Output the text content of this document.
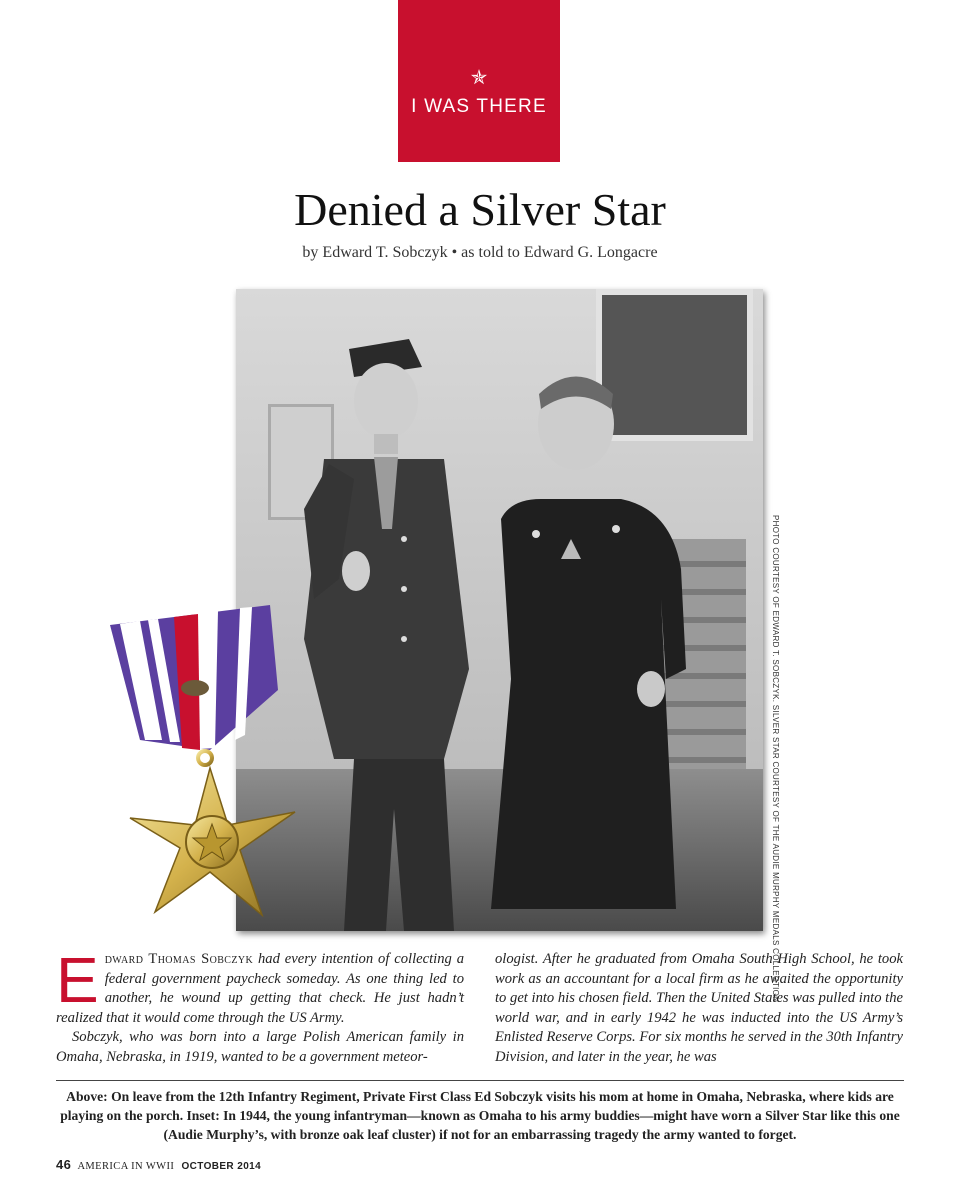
✯
I WAS THERE
Denied a Silver Star
by Edward T. Sobczyk • as told to Edward G. Longacre
PHOTO COURTESY OF EDWARD T. SOBCZYK. SILVER STAR COURTESY OF THE AUDIE MURPHY MEDALS COLLECTION

Edward Thomas Sobczyk had every intention of collecting a federal government paycheck someday. As one thing led to another, he wound up getting that check. He just hadn’t realized that it would come through the US Army.

Sobczyk, who was born into a large Polish American family in Omaha, Nebraska, in 1919, wanted to be a government meteor-

ologist. After he graduated from Omaha South High School, he took work as an accountant for a local firm as he awaited the opportunity to get into his chosen field. Then the United States was pulled into the world war, and in early 1942 he was inducted into the US Army’s Enlisted Reserve Corps. For six months he served in the 30th Infantry Division, and later in the year, he was

Above: On leave from the 12th Infantry Regiment, Private First Class Ed Sobczyk visits his mom at home in Omaha, Nebraska, where kids are playing on the porch. Inset: In 1944, the young infantryman—known as Omaha to his army buddies—might have worn a Silver Star like this one (Audie Murphy’s, with bronze oak leaf cluster) if not for an embarrassing tragedy the army wanted to forget.
46 AMERICA IN WWII OCTOBER 2014
